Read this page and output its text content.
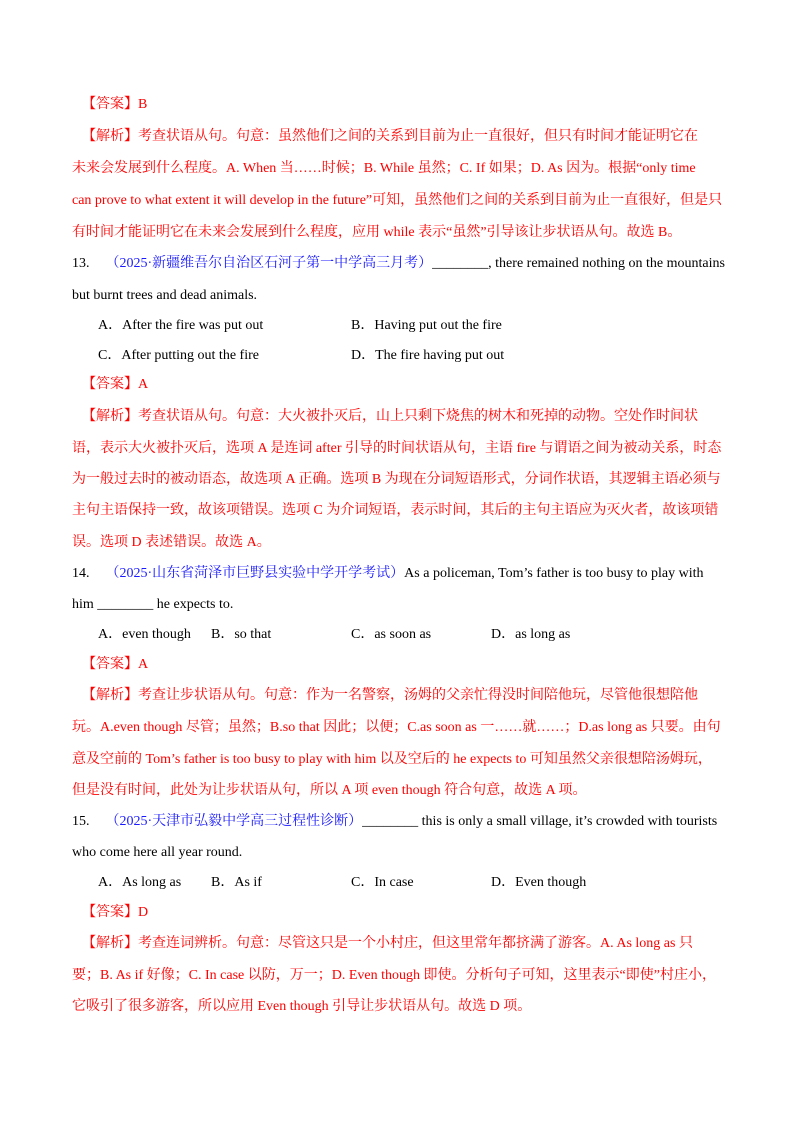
【答案】B
【解析】考查状语从句。句意：虽然他们之间的关系到目前为止一直很好，但只有时间才能证明它在
未来会发展到什么程度。A. When 当……时候；B. While 虽然；C. If 如果；D. As 因为。根据“only time
can prove to what extent it will develop in the future”可知，虽然他们之间的关系到目前为止一直很好，但是只
有时间才能证明它在未来会发展到什么程度，应用 while 表示“虽然”引导该让步状语从句。故选 B。
13. （2025·新疆维吾尔自治区石河子第一中学高三月考）________, there remained nothing on the mountains
but burnt trees and dead animals.
A．After the fire was put out	B．Having put out the fire
C．After putting out the fire	D．The fire having put out
【答案】A
【解析】考查状语从句。句意：大火被扑灭后，山上只剩下烧焦的树木和死掉的动物。空处作时间状
语，表示大火被扑灭后，选项 A 是连词 after 引导的时间状语从句，主语 fire 与谓语之间为被动关系，时态
为一般过去时的被动语态，故选项 A 正确。选项 B 为现在分词短语形式，分词作状语，其逻辑主语必须与
主句主语保持一致，故该项错误。选项 C 为介词短语，表示时间，其后的主句主语应为灭火者，故该项错
误。选项 D 表述错误。故选 A。
14. （2025·山东省菏泽市巨野县实验中学开学考试）As a policeman, Tom’s father is too busy to play with
him ________ he expects to.
A．even though B．so that	C．as soon as	D．as long as
【答案】A
【解析】考查让步状语从句。句意：作为一名警察，汤姆的父亲忙得没时间陪他玩，尽管他很想陪他
玩。A.even though 尽管；虽然；B.so that 因此；以便；C.as soon as 一……就……；D.as long as 只要。由句
意及空前的 Tom’s father is too busy to play with him 以及空后的 he expects to 可知虽然父亲很想陪汤姆玩，
但是没有时间，此处为让步状语从句，所以 A 项 even though 符合句意，故选 A 项。
15. （2025·天津市弘毅中学高三过程性诊断）________ this is only a small village, it’s crowded with tourists
who come here all year round.
A．As long as B．As if	C．In case	D．Even though
【答案】D
【解析】考查连词辨析。句意：尽管这只是一个小村庄，但这里常年都挤满了游客。A. As long as 只
要；B. As if 好像；C. In case 以防，万一；D. Even though 即使。分析句子可知，这里表示“即使”村庄小，
它吸引了很多游客，所以应用 Even though 引导让步状语从句。故选 D 项。
